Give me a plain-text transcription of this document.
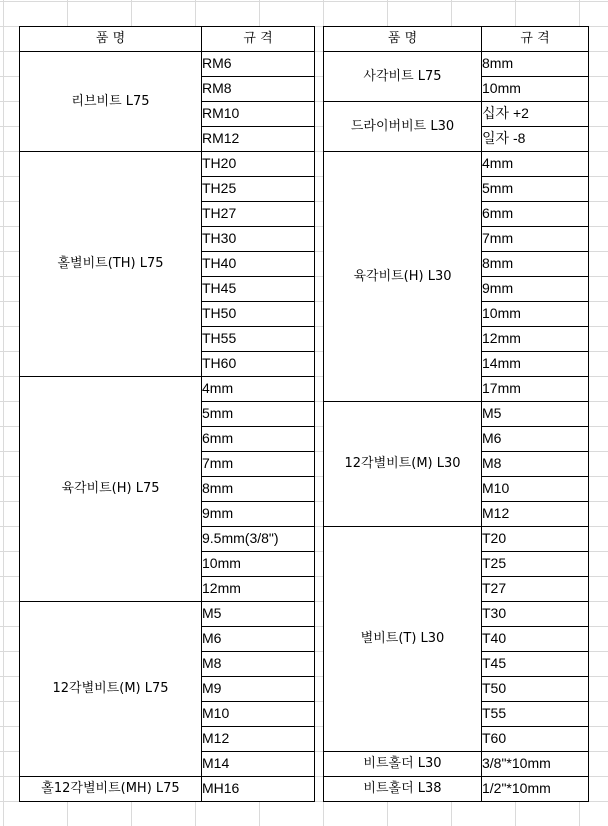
품 명	규 격
리브비트 L75	RM6
	RM8
	RM10
	RM12
홀별비트(TH) L75	TH20
	TH25
	TH27
	TH30
	TH40
	TH45
	TH50
	TH55
	TH60
육각비트(H) L75	4mm
	5mm
	6mm
	7mm
	8mm
	9mm
	9.5mm(3/8")
	10mm
	12mm
12각별비트(M) L75	M5
	M6
	M8
	M9
	M10
	M12
	M14
홀12각별비트(MH) L75	MH16
품 명	규 격
사각비트 L75	8mm
	10mm
드라이버비트 L30	십자 +2
	일자 -8
육각비트(H) L30	4mm
	5mm
	6mm
	7mm
	8mm
	9mm
	10mm
	12mm
	14mm
	17mm
12각별비트(M) L30	M5
	M6
	M8
	M10
	M12
별비트(T) L30	T20
	T25
	T27
	T30
	T40
	T45
	T50
	T55
	T60
비트홀더 L30	3/8"*10mm
비트홀더 L38	1/2"*10mm
